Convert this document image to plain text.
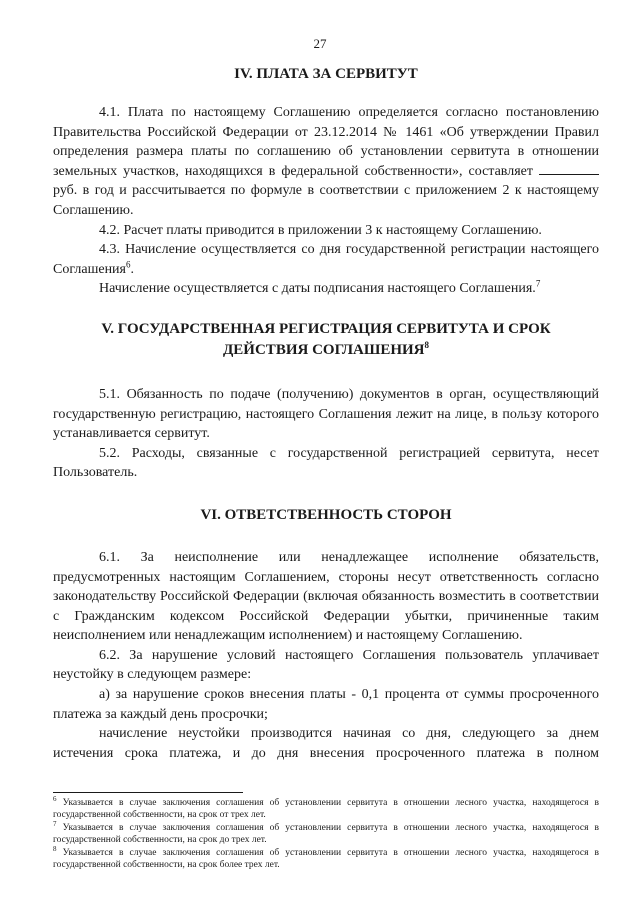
27
IV. ПЛАТА ЗА СЕРВИТУТ

4.1. Плата по настоящему Соглашению определяется согласно постановлению Правительства Российской Федерации от 23.12.2014 № 1461 «Об утверждении Правил определения размера платы по соглашению об установлении сервитута в отношении земельных участков, находящихся в федеральной собственности», составляет  руб. в год и рассчитывается по формуле в соответствии с приложением 2 к настоящему Соглашению.

4.2. Расчет платы приводится в приложении 3 к настоящему Соглашению.

4.3. Начисление осуществляется со дня государственной регистрации настоящего Соглашения$^6$.

Начисление осуществляется с даты подписания настоящего Соглашения.$^7$

V. ГОСУДАРСТВЕННАЯ РЕГИСТРАЦИЯ СЕРВИТУТА И СРОК ДЕЙСТВИЯ СОГЛАШЕНИЯ$^8$

5.1. Обязанность по подаче (получению) документов в орган, осуществляющий государственную регистрацию, настоящего Соглашения лежит на лице, в пользу которого устанавливается сервитут.

5.2. Расходы, связанные с государственной регистрацией сервитута, несет Пользователь.

VI. ОТВЕТСТВЕННОСТЬ СТОРОН

6.1. За неисполнение или ненадлежащее исполнение обязательств, предусмотренных настоящим Соглашением, стороны несут ответственность согласно законодательству Российской Федерации (включая обязанность возместить в соответствии с Гражданским кодексом Российской Федерации убытки, причиненные таким неисполнением или ненадлежащим исполнением) и настоящему Соглашению.

6.2. За нарушение условий настоящего Соглашения пользователь уплачивает неустойку в следующем размере:

а) за нарушение сроков внесения платы - 0,1 процента от суммы просроченного платежа за каждый день просрочки;

начисление неустойки производится начиная со дня, следующего за днем истечения срока платежа, и до дня внесения просроченного платежа в полном

$^6$ Указывается в случае заключения соглашения об установлении сервитута в отношении лесного участка, находящегося в государственной собственности, на срок от трех лет.

$^7$ Указывается в случае заключения соглашения об установлении сервитута в отношении лесного участка, находящегося в государственной собственности, на срок до трех лет.

$^8$ Указывается в случае заключения соглашения об установлении сервитута в отношении лесного участка, находящегося в государственной собственности, на срок более трех лет.
